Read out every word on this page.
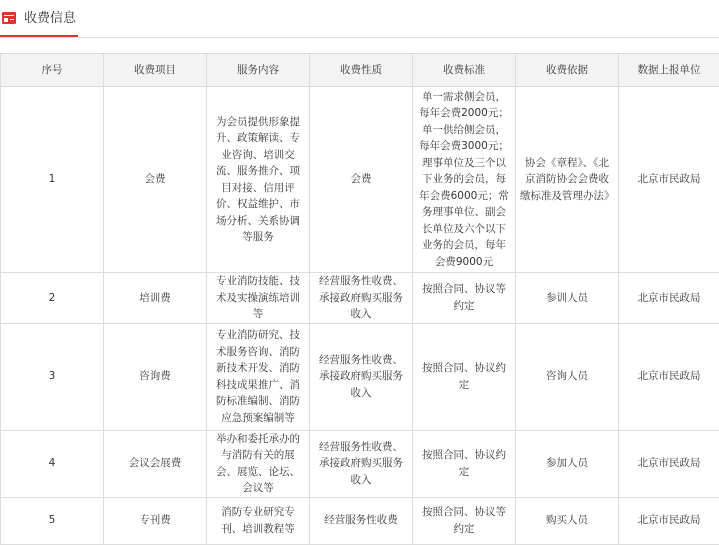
收费信息
序号	收费项目	服务内容	收费性质	收费标准	收费依据	数据上报单位
1	会费	为会员提供形象提升、政策解读、专业咨询、培训交流、服务推介、项目对接、信用评价、权益维护、市场分析、关系协调等服务	会费	单一需求侧会员，每年会费2000元；单一供给侧会员，每年会费3000元；理事单位及三个以下业务的会员，每年会费6000元；常务理事单位、副会长单位及六个以下业务的会员，每年会费9000元	协会《章程》、《北京消防协会会费收缴标准及管理办法》	北京市民政局
2	培训费	专业消防技能、技术及实操演练培训等	经营服务性收费、承接政府购买服务收入	按照合同、协议等约定	参训人员	北京市民政局
3	咨询费	专业消防研究、技术服务咨询、消防新技术开发、消防科技成果推广、消防标准编制、消防应急预案编制等	经营服务性收费、承接政府购买服务收入	按照合同、协议约定	咨询人员	北京市民政局
4	会议会展费	举办和委托承办的与消防有关的展会、展览、论坛、会议等	经营服务性收费、承接政府购买服务收入	按照合同、协议约定	参加人员	北京市民政局
5	专刊费	消防专业研究专刊、培训教程等	经营服务性收费	按照合同、协议等约定	购买人员	北京市民政局
